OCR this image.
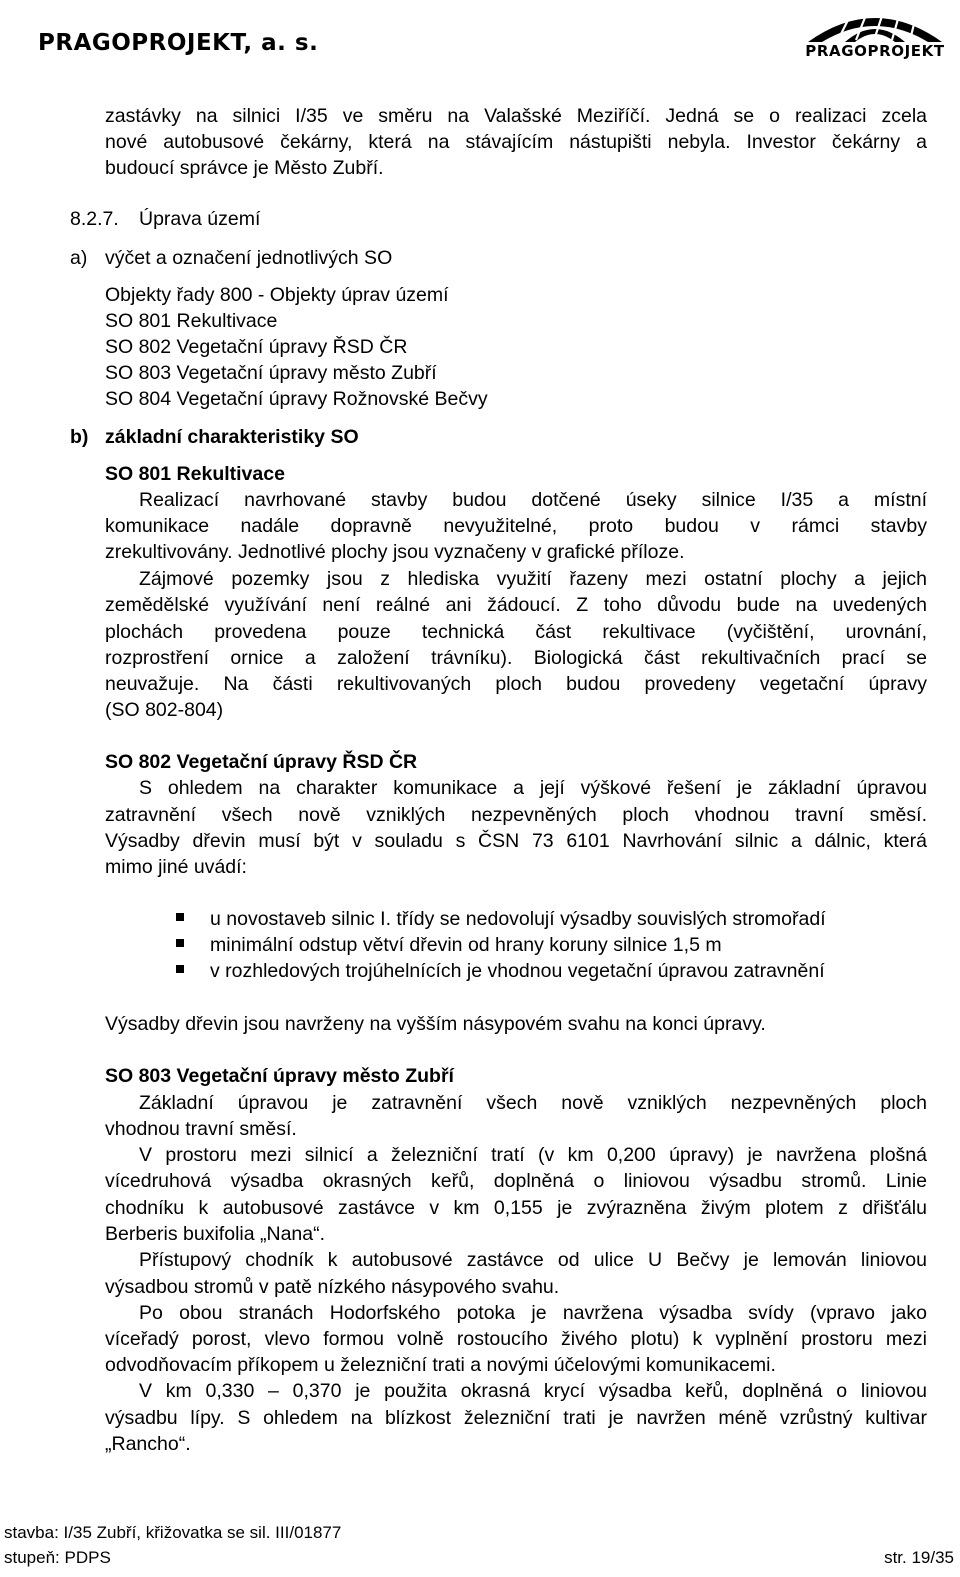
PRAGOPROJEKT, a. s.	PRAGOPROJEKT
zastávky na silnici I/35 ve směru na Valašské Meziříčí. Jedná se o realizaci zcela
nové autobusové čekárny, která na stávajícím nástupišti nebyla. Investor čekárny a
budoucí správce je Město Zubří.
8.2.7.	Úprava území
a) výčet a označení jednotlivých SO
Objekty řady 800 - Objekty úprav území
SO 801 Rekultivace
SO 802 Vegetační úpravy ŘSD ČR
SO 803 Vegetační úpravy město Zubří
SO 804 Vegetační úpravy Rožnovské Bečvy
b) základní charakteristiky SO
SO 801 Rekultivace
Realizací navrhované stavby budou dotčené úseky silnice I/35 a místní
komunikace nadále dopravně nevyužitelné, proto budou v rámci stavby
zrekultivovány. Jednotlivé plochy jsou vyznačeny v grafické příloze.
Zájmové pozemky jsou z hlediska využití řazeny mezi ostatní plochy a jejich
zemědělské využívání není reálné ani žádoucí. Z toho důvodu bude na uvedených
plochách provedena pouze technická část rekultivace (vyčištění, urovnání,
rozprostření ornice a založení trávníku). Biologická část rekultivačních prací se
neuvažuje. Na části rekultivovaných ploch budou provedeny vegetační úpravy
(SO 802-804)
SO 802 Vegetační úpravy ŘSD ČR
S ohledem na charakter komunikace a její výškové řešení je základní úpravou
zatravnění všech nově vzniklých nezpevněných ploch vhodnou travní směsí.
Výsadby dřevin musí být v souladu s ČSN 73 6101 Navrhování silnic a dálnic, která
mimo jiné uvádí:
u novostaveb silnic I. třídy se nedovolují výsadby souvislých stromořadí
minimální odstup větví dřevin od hrany koruny silnice 1,5 m
v rozhledových trojúhelnících je vhodnou vegetační úpravou zatravnění
Výsadby dřevin jsou navrženy na vyšším násypovém svahu na konci úpravy.
SO 803 Vegetační úpravy město Zubří
Základní úpravou je zatravnění všech nově vzniklých nezpevněných ploch
vhodnou travní směsí.
V prostoru mezi silnicí a železniční tratí (v km 0,200 úpravy) je navržena plošná
vícedruhová výsadba okrasných keřů, doplněná o liniovou výsadbu stromů. Linie
chodníku k autobusové zastávce v km 0,155 je zvýrazněna živým plotem z dřišťálu
Berberis buxifolia „Nana“.
Přístupový chodník k autobusové zastávce od ulice U Bečvy je lemován liniovou
výsadbou stromů v patě nízkého násypového svahu.
Po obou stranách Hodorfského potoka je navržena výsadba svídy (vpravo jako
víceřadý porost, vlevo formou volně rostoucího živého plotu) k vyplnění prostoru mezi
odvodňovacím příkopem u železniční trati a novými účelovými komunikacemi.
V km 0,330 – 0,370 je použita okrasná krycí výsadba keřů, doplněná o liniovou
výsadbu lípy. S ohledem na blízkost železniční trati je navržen méně vzrůstný kultivar
„Rancho“.
stavba: I/35 Zubří, křižovatka se sil. III/01877
stupeň: PDPS	str. 19/35
